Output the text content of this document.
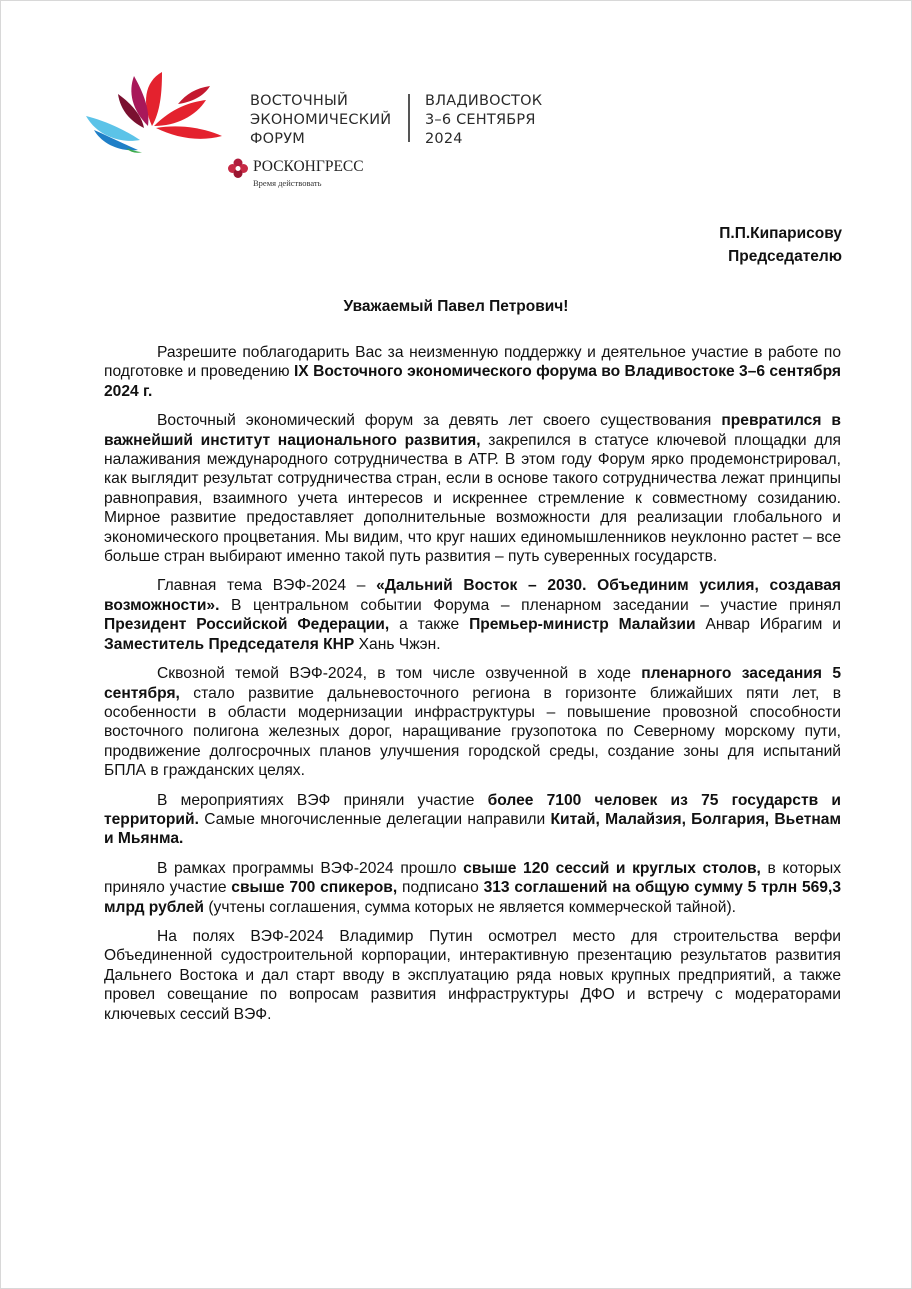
ВОСТОЧНЫЙ
ЭКОНОМИЧЕСКИЙ
ФОРУМ
ВЛАДИВОСТОК
3–6 СЕНТЯБРЯ
2024
РОСКОНГРЕСС
Время действовать
П.П.Кипарисову
Председателю
Уважаемый Павел Петрович!

Разрешите поблагодарить Вас за неизменную поддержку и деятельное участие в работе по подготовке и проведению IX Восточного экономического форума во Владивостоке 3–6 сентября 2024 г.

Восточный экономический форум за девять лет своего существования превратился в важнейший институт национального развития, закрепился в статусе ключевой площадки для налаживания международного сотрудничества в АТР. В этом году Форум ярко продемонстрировал, как выглядит результат сотрудничества стран, если в основе такого сотрудничества лежат принципы равноправия, взаимного учета интересов и искреннее стремление к совместному созиданию. Мирное развитие предоставляет дополнительные возможности для реализации глобального и экономического процветания. Мы видим, что круг наших единомышленников неуклонно растет – все больше стран выбирают именно такой путь развития – путь суверенных государств.

Главная тема ВЭФ-2024 – «Дальний Восток – 2030. Объединим усилия, создавая возможности». В центральном событии Форума – пленарном заседании – участие принял Президент Российской Федерации, а также Премьер-министр Малайзии Анвар Ибрагим и Заместитель Председателя КНР Хань Чжэн.

Сквозной темой ВЭФ-2024, в том числе озвученной в ходе пленарного заседания 5 сентября, стало развитие дальневосточного региона в горизонте ближайших пяти лет, в особенности в области модернизации инфраструктуры – повышение провозной способности восточного полигона железных дорог, наращивание грузопотока по Северному морскому пути, продвижение долгосрочных планов улучшения городской среды, создание зоны для испытаний БПЛА в гражданских целях.

В мероприятиях ВЭФ приняли участие более 7100 человек из 75 государств и территорий. Самые многочисленные делегации направили Китай, Малайзия, Болгария, Вьетнам и Мьянма.

В рамках программы ВЭФ-2024 прошло свыше 120 сессий и круглых столов, в которых приняло участие свыше 700 спикеров, подписано 313 соглашений на общую сумму 5 трлн 569,3 млрд рублей (учтены соглашения, сумма которых не является коммерческой тайной).

На полях ВЭФ-2024 Владимир Путин осмотрел место для строительства верфи Объединенной судостроительной корпорации, интерактивную презентацию результатов развития Дальнего Востока и дал старт вводу в эксплуатацию ряда новых крупных предприятий, а также провел совещание по вопросам развития инфраструктуры ДФО и встречу с модераторами ключевых сессий ВЭФ.
